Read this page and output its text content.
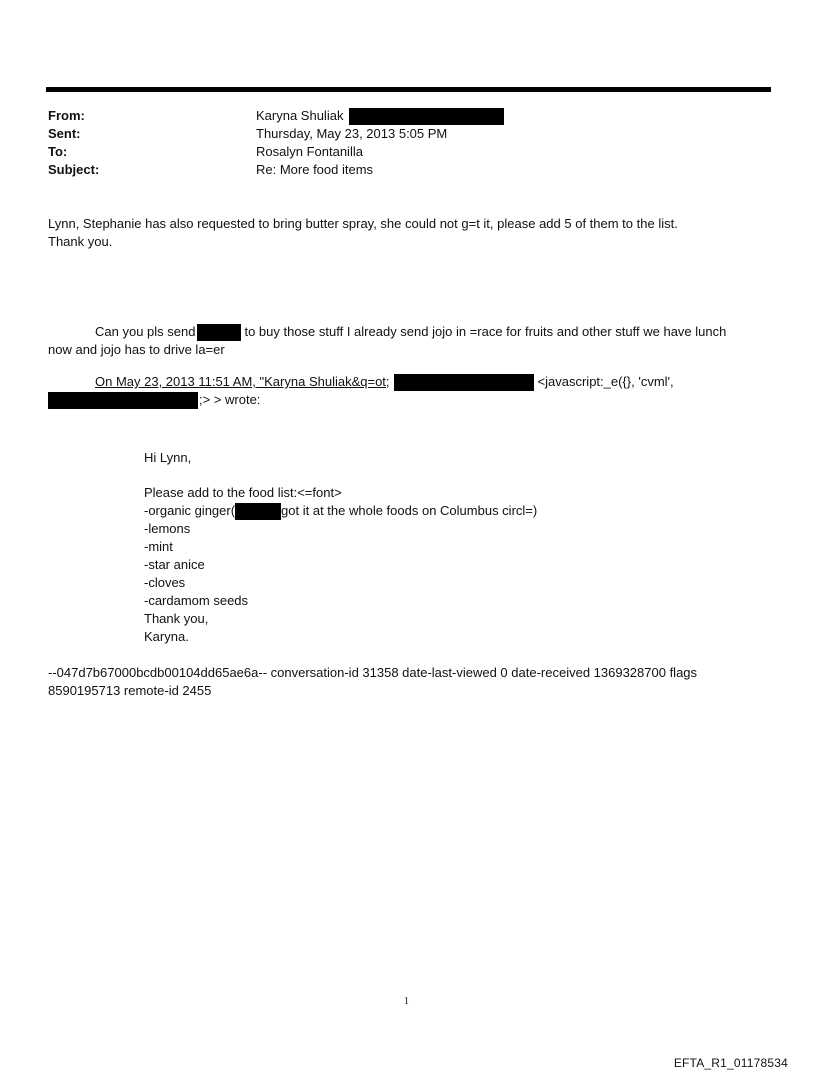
From:	Karyna Shuliak
Sent:	Thursday, May 23, 2013 5:05 PM
To:	Rosalyn Fontanilla
Subject:	Re: More food items
Lynn, Stephanie has also requested to bring butter spray, she could not g=t it, please add 5 of them to the list.
Thank you.
Can you pls send	to buy those stuff I already send jojo in =race for fruits and other stuff we have lunch
now and jojo has to drive la=er
On May 23, 2013 11:51 AM, "Karyna Shuliak&q=ot;	<javascript:_e({}, 'cvml',
;> > wrote:
Hi Lynn,
Please add to the food list:<=font>
-organic ginger(	got it at the whole foods on Columbus circl=)
-lemons
-mint
-star anice
-cloves
-cardamom seeds
Thank you,
Karyna.
--047d7b67000bcdb00104dd65ae6a-- conversation-id 31358 date-last-viewed 0 date-received 1369328700 flags
8590195713 remote-id 2455
1
EFTA_R1_01178534
